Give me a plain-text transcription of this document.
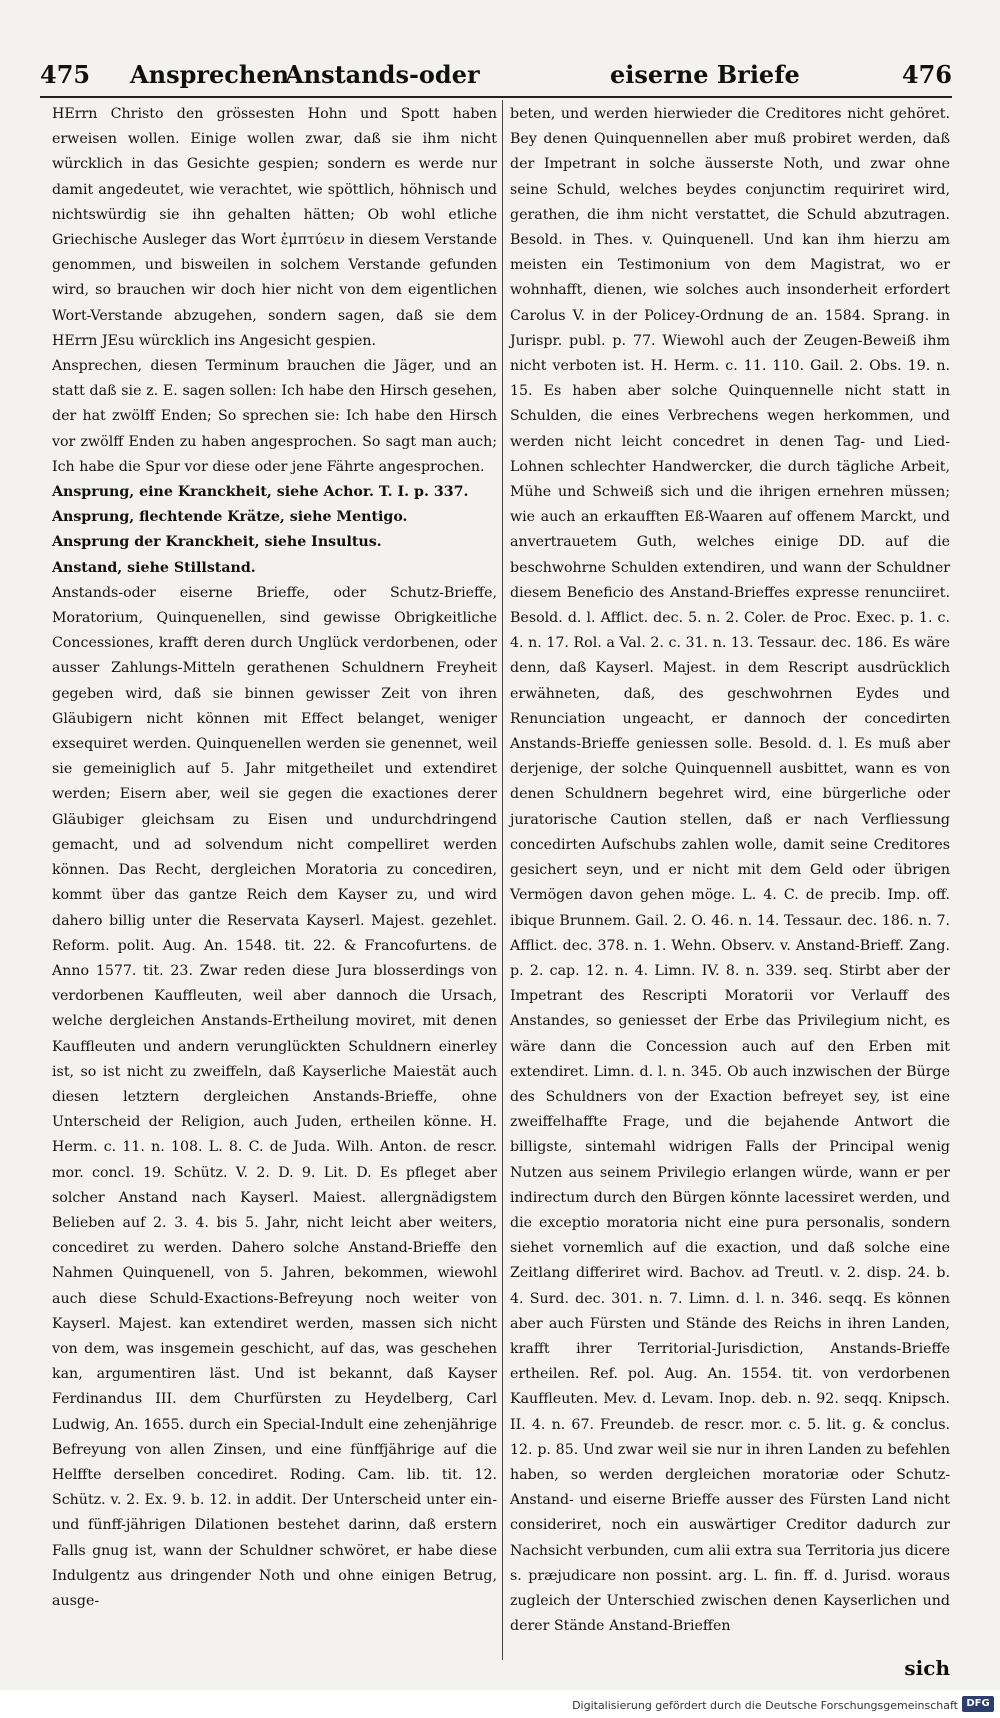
475 Ansprechen
Anstands-oder	eiserne Briefe	476

HErrn Christo den grössesten Hohn und Spott haben erweisen wollen. Einige wollen zwar, daß sie ihm nicht würcklich in das Gesichte gespien; sondern es werde nur damit angedeutet, wie verachtet, wie spöttlich, höhnisch und nichtswürdig sie ihn gehalten hätten; Ob wohl etliche Griechische Ausleger das Wort ἐμπτύειν in diesem Verstande genommen, und bisweilen in solchem Verstande gefunden wird, so brauchen wir doch hier nicht von dem eigentlichen Wort-Verstande abzugehen, sondern sagen, daß sie dem HErrn JEsu würcklich ins Angesicht gespien.

Ansprechen, diesen Terminum brauchen die Jäger, und an statt daß sie z. E. sagen sollen: Ich habe den Hirsch gesehen, der hat zwölff Enden; So sprechen sie: Ich habe den Hirsch vor zwölff Enden zu haben angesprochen. So sagt man auch; Ich habe die Spur vor diese oder jene Fährte angesprochen.

Ansprung, eine Kranckheit, siehe Achor. T. I. p. 337.

Ansprung, flechtende Krätze, siehe Mentigo.

Ansprung der Kranckheit, siehe Insultus.

Anstand, siehe Stillstand.

Anstands-oder eiserne Brieffe, oder Schutz-Brieffe, Moratorium, Quinquenellen, sind gewisse Obrigkeitliche Concessiones, krafft deren durch Unglück verdorbenen, oder ausser Zahlungs-Mitteln gerathenen Schuldnern Freyheit gegeben wird, daß sie binnen gewisser Zeit von ihren Gläubigern nicht können mit Effect belanget, weniger exsequiret werden. Quinquenellen werden sie genennet, weil sie gemeiniglich auf 5. Jahr mitgetheilet und extendiret werden; Eisern aber, weil sie gegen die exactiones derer Gläubiger gleichsam zu Eisen und undurchdringend gemacht, und ad solvendum nicht compelliret werden können. Das Recht, dergleichen Moratoria zu concediren, kommt über das gantze Reich dem Kayser zu, und wird dahero billig unter die Reservata Kayserl. Majest. gezehlet. Reform. polit. Aug. An. 1548. tit. 22. & Francofurtens. de Anno 1577. tit. 23. Zwar reden diese Jura blosserdings von verdorbenen Kauffleuten, weil aber dannoch die Ursach, welche dergleichen Anstands-Ertheilung moviret, mit denen Kauffleuten und andern verunglückten Schuldnern einerley ist, so ist nicht zu zweiffeln, daß Kayserliche Maiestät auch diesen letztern dergleichen Anstands-Brieffe, ohne Unterscheid der Religion, auch Juden, ertheilen könne. H. Herm. c. 11. n. 108. L. 8. C. de Juda. Wilh. Anton. de rescr. mor. concl. 19. Schütz. V. 2. D. 9. Lit. D. Es pfleget aber solcher Anstand nach Kayserl. Maiest. allergnädigstem Belieben auf 2. 3. 4. bis 5. Jahr, nicht leicht aber weiters, concediret zu werden. Dahero solche Anstand-Brieffe den Nahmen Quinquenell, von 5. Jahren, bekommen, wiewohl auch diese Schuld-Exactions-Befreyung noch weiter von Kayserl. Majest. kan extendiret werden, massen sich nicht von dem, was insgemein geschicht, auf das, was geschehen kan, argumentiren läst. Und ist bekannt, daß Kayser Ferdinandus III. dem Churfürsten zu Heydelberg, Carl Ludwig, An. 1655. durch ein Special-Indult eine zehenjährige Befreyung von allen Zinsen, und eine fünffjährige auf die Helffte derselben concediret. Roding. Cam. lib. tit. 12. Schütz. v. 2. Ex. 9. b. 12. in addit. Der Unterscheid unter ein- und fünff-jährigen Dilationen bestehet darinn, daß erstern Falls gnug ist, wann der Schuldner schwöret, er habe diese Indulgentz aus dringender Noth und ohne einigen Betrug, ausge-

beten, und werden hierwieder die Creditores nicht gehöret. Bey denen Quinquennellen aber muß probiret werden, daß der Impetrant in solche äusserste Noth, und zwar ohne seine Schuld, welches beydes conjunctim requiriret wird, gerathen, die ihm nicht verstattet, die Schuld abzutragen. Besold. in Thes. v. Quinquenell. Und kan ihm hierzu am meisten ein Testimonium von dem Magistrat, wo er wohnhafft, dienen, wie solches auch insonderheit erfordert Carolus V. in der Policey-Ordnung de an. 1584. Sprang. in Jurispr. publ. p. 77. Wiewohl auch der Zeugen-Beweiß ihm nicht verboten ist. H. Herm. c. 11. 110. Gail. 2. Obs. 19. n. 15. Es haben aber solche Quinquennelle nicht statt in Schulden, die eines Verbrechens wegen herkommen, und werden nicht leicht concedret in denen Tag- und Lied-Lohnen schlechter Handwercker, die durch tägliche Arbeit, Mühe und Schweiß sich und die ihrigen ernehren müssen; wie auch an erkaufften Eß-Waaren auf offenem Marckt, und anvertrauetem Guth, welches einige DD. auf die beschwohrne Schulden extendiren, und wann der Schuldner diesem Beneficio des Anstand-Brieffes expresse renunciiret. Besold. d. l. Afflict. dec. 5. n. 2. Coler. de Proc. Exec. p. 1. c. 4. n. 17. Rol. a Val. 2. c. 31. n. 13. Tessaur. dec. 186. Es wäre denn, daß Kayserl. Majest. in dem Rescript ausdrücklich erwähneten, daß, des geschwohrnen Eydes und Renunciation ungeacht, er dannoch der concedirten Anstands-Brieffe geniessen solle. Besold. d. l. Es muß aber derjenige, der solche Quinquennell ausbittet, wann es von denen Schuldnern begehret wird, eine bürgerliche oder juratorische Caution stellen, daß er nach Verfliessung concedirten Aufschubs zahlen wolle, damit seine Creditores gesichert seyn, und er nicht mit dem Geld oder übrigen Vermögen davon gehen möge. L. 4. C. de precib. Imp. off. ibique Brunnem. Gail. 2. O. 46. n. 14. Tessaur. dec. 186. n. 7. Afflict. dec. 378. n. 1. Wehn. Observ. v. Anstand-Brieff. Zang. p. 2. cap. 12. n. 4. Limn. IV. 8. n. 339. seq. Stirbt aber der Impetrant des Rescripti Moratorii vor Verlauff des Anstandes, so geniesset der Erbe das Privilegium nicht, es wäre dann die Concession auch auf den Erben mit extendiret. Limn. d. l. n. 345. Ob auch inzwischen der Bürge des Schuldners von der Exaction befreyet sey, ist eine zweiffelhaffte Frage, und die bejahende Antwort die billigste, sintemahl widrigen Falls der Principal wenig Nutzen aus seinem Privilegio erlangen würde, wann er per indirectum durch den Bürgen könnte lacessiret werden, und die exceptio moratoria nicht eine pura personalis, sondern siehet vornemlich auf die exaction, und daß solche eine Zeitlang differiret wird. Bachov. ad Treutl. v. 2. disp. 24. b. 4. Surd. dec. 301. n. 7. Limn. d. l. n. 346. seqq. Es können aber auch Fürsten und Stände des Reichs in ihren Landen, krafft ihrer Territorial-Jurisdiction, Anstands-Brieffe ertheilen. Ref. pol. Aug. An. 1554. tit. von verdorbenen Kauffleuten. Mev. d. Levam. Inop. deb. n. 92. seqq. Knipsch. II. 4. n. 67. Freundeb. de rescr. mor. c. 5. lit. g. & conclus. 12. p. 85. Und zwar weil sie nur in ihren Landen zu befehlen haben, so werden dergleichen moratoriæ oder Schutz-Anstand- und eiserne Brieffe ausser des Fürsten Land nicht consideriret, noch ein auswärtiger Creditor dadurch zur Nachsicht verbunden, cum alii extra sua Territoria jus dicere s. præjudicare non possint. arg. L. fin. ff. d. Jurisd. woraus zugleich der Unterschied zwischen denen Kayserlichen und derer Stände Anstand-Brieffen

sich
Digitalisierung gefördert durch die Deutsche Forschungsgemeinschaft DFG
